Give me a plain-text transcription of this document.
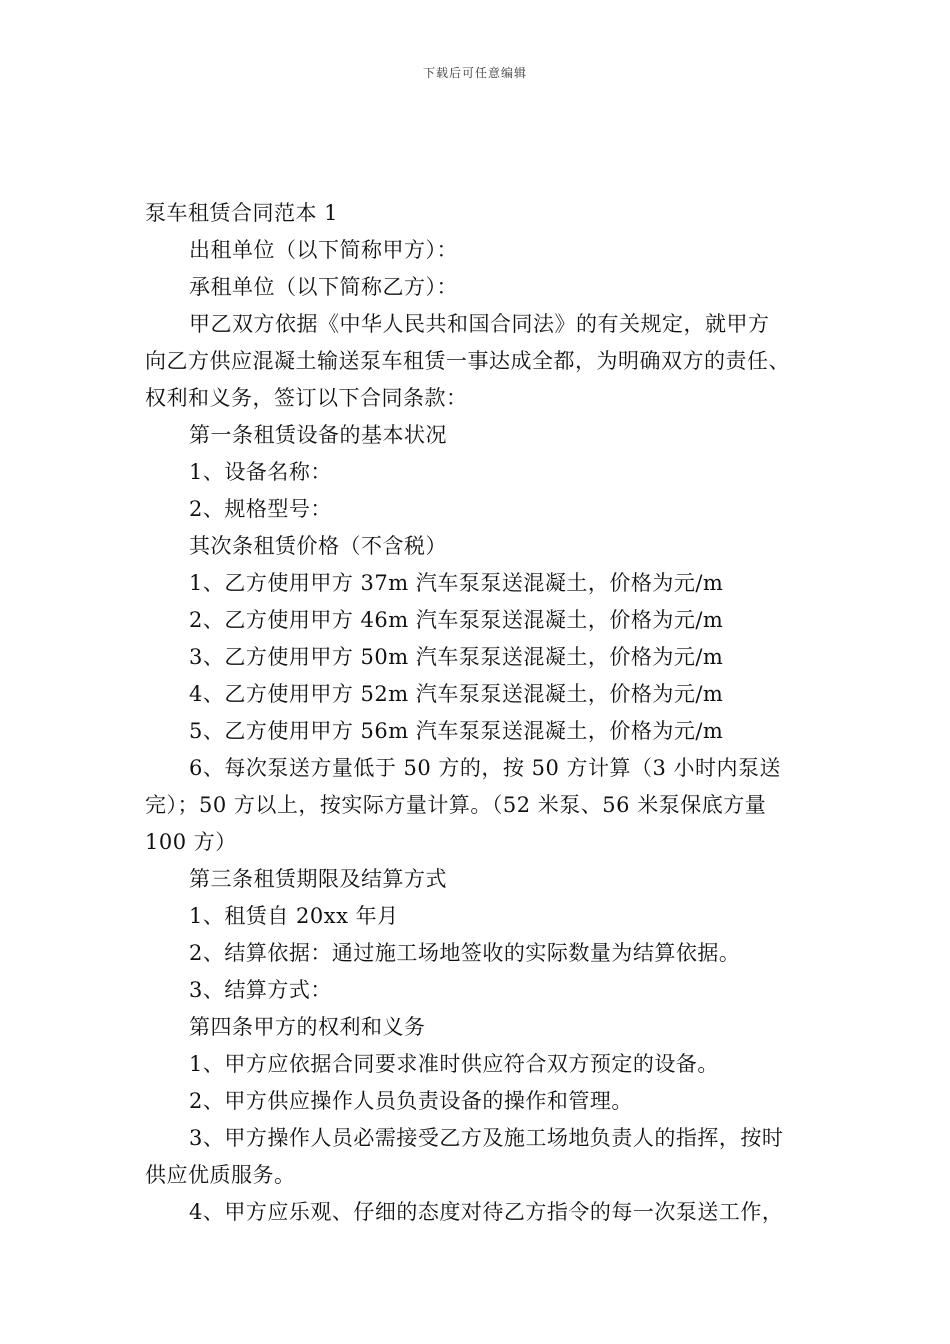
下载后可任意编辑
泵车租赁合同范本 1
出租单位（以下简称甲方）：
承租单位（以下简称乙方）：
甲乙双方依据《中华人民共和国合同法》的有关规定，就甲方
向乙方供应混凝土输送泵车租赁一事达成全都，为明确双方的责任、
权利和义务，签订以下合同条款：
第一条租赁设备的基本状况
1、设备名称：
2、规格型号：
其次条租赁价格（不含税）
1、乙方使用甲方 37m 汽车泵泵送混凝土，价格为元/m
2、乙方使用甲方 46m 汽车泵泵送混凝土，价格为元/m
3、乙方使用甲方 50m 汽车泵泵送混凝土，价格为元/m
4、乙方使用甲方 52m 汽车泵泵送混凝土，价格为元/m
5、乙方使用甲方 56m 汽车泵泵送混凝土，价格为元/m
6、每次泵送方量低于 50 方的，按 50 方计算（3 小时内泵送
完）；50 方以上，按实际方量计算。（52 米泵、56 米泵保底方量
100 方）
第三条租赁期限及结算方式
1、租赁自 20xx 年月
2、结算依据：通过施工场地签收的实际数量为结算依据。
3、结算方式：
第四条甲方的权利和义务
1、甲方应依据合同要求准时供应符合双方预定的设备。
2、甲方供应操作人员负责设备的操作和管理。
3、甲方操作人员必需接受乙方及施工场地负责人的指挥，按时
供应优质服务。
4、甲方应乐观、仔细的态度对待乙方指令的每一次泵送工作，
